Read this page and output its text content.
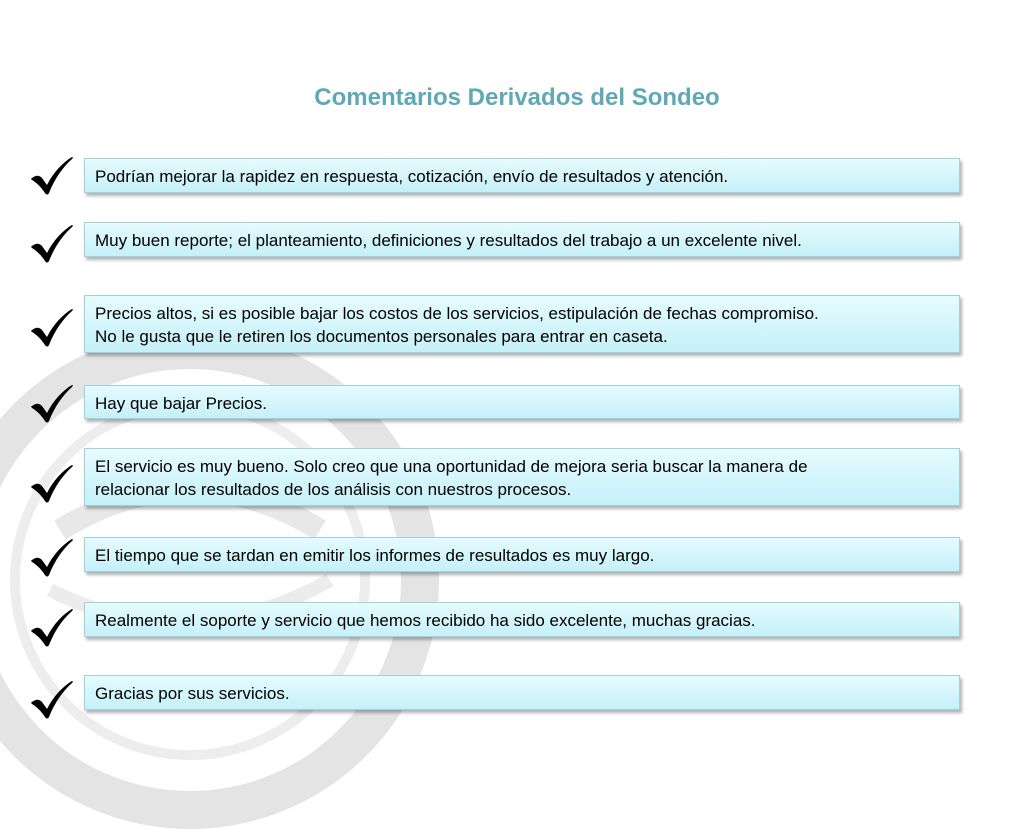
Comentarios Derivados del Sondeo
Podrían mejorar la rapidez en respuesta, cotización, envío de resultados y atención.
Muy buen reporte; el planteamiento, definiciones y resultados del trabajo a un excelente nivel.
Precios altos, si es posible bajar los costos de los servicios, estipulación de fechas compromiso.
No le gusta que le retiren los documentos personales para entrar en caseta.
Hay que bajar Precios.
El servicio es muy bueno. Solo creo que una oportunidad de mejora seria buscar la manera de
relacionar los resultados de los análisis con nuestros procesos.
El tiempo que se tardan en emitir los informes de resultados es muy largo.
Realmente el soporte y servicio que hemos recibido ha sido excelente, muchas gracias.
Gracias por sus servicios.
